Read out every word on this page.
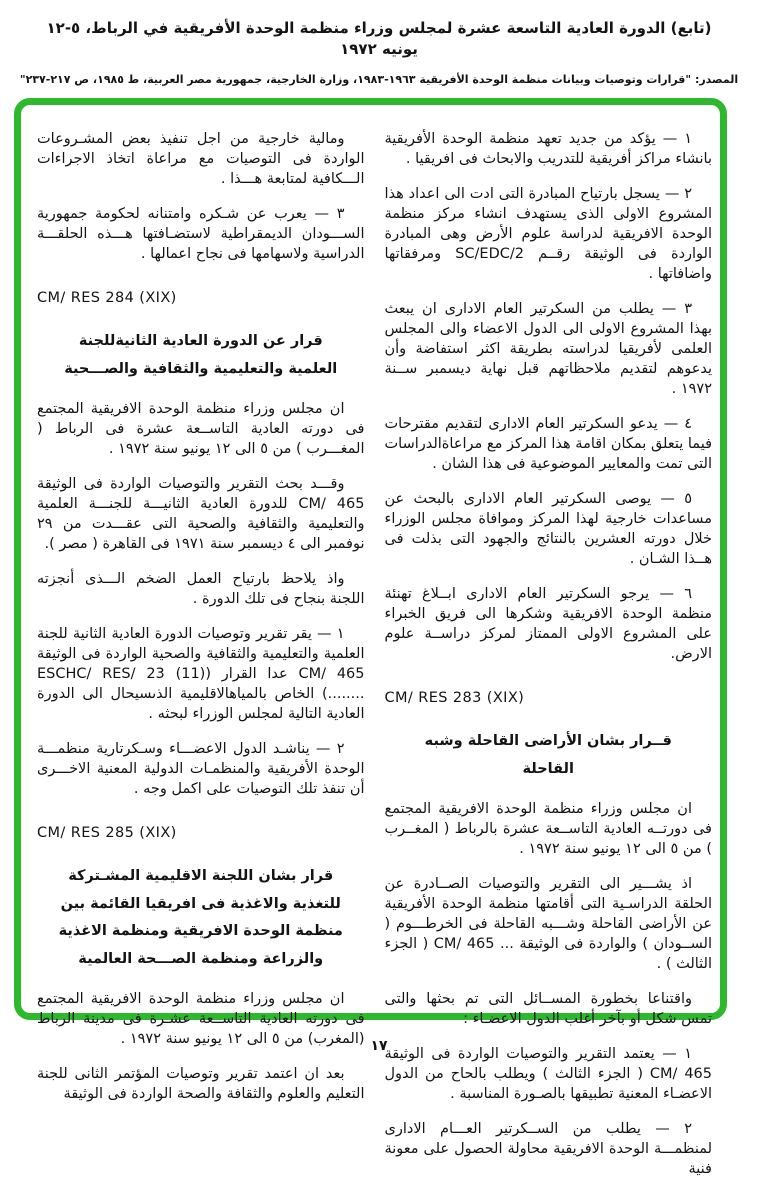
(تابع) الدورة العادية التاسعة عشرة لمجلس وزراء منظمة الوحدة الأفريقية في الرباط، ٥-١٢ يونيه ١٩٧٢
المصدر: "قرارات وتوصيات وبيانات منظمة الوحدة الأفريقية ١٩٦٣-١٩٨٣، وزارة الخارجية، جمهورية مصر العربية، ط ١٩٨٥، ص ٢١٧-٢٣٧"
١ — يؤكد من جديد تعهد منظمة الوحدة الأفريقية بانشاء مراكز أفريقية للتدريب والابحاث فى افريقيا .
٢ — يسجل بارتياح المبادرة التى ادت الى اعداد هذا المشروع الاولى الذى يستهدف انشاء مركز منظمة الوحدة الافريقية لدراسة علوم الأرض وهى المبادرة الواردة فى الوثيقة رقــم SC/EDC/2 ومرفقاتها واضافاتها .
٣ — يطلب من السكرتير العام الادارى ان يبعث بهذا المشروع الاولى الى الدول الاعضاء والى المجلس العلمى لأفريقيا لدراسته بطريقة اكثر استفاضة وأن يدعوهم لتقديم ملاحظاتهم قبل نهاية ديسمبر ســنة ١٩٧٢ .
٤ — يدعو السكرتير العام الادارى لتقديم مقترحات فيما يتعلق بمكان اقامة هذا المركز مع مراعاةالدراسات التى تمت والمعايير الموضوعية فى هذا الشان .
٥ — يوصى السكرتير العام الادارى بالبحث عن مساعدات خارجية لهذا المركز وموافاة مجلس الوزراء خلال دورته العشرين بالنتائج والجهود التى بذلت فى هــذا الشـان .
٦ — يرجو السكرتير العام الادارى ابــلاغ تهنئة منظمة الوحدة الافريقية وشكرها الى فريق الخبراء على المشروع الاولى الممتاز لمركز دراســة علوم الارض.
CM/ RES 283 (XIX)
قــرار بشان الأراضى القاحلة وشبه القاحلة
ان مجلس وزراء منظمة الوحدة الافريقية المجتمع فى دورتــه العادية التاســعة عشرة بالرباط ( المغــرب ) من ٥ الى ١٢ يونيو سنة ١٩٧٢ .
اذ يشـــير الى التقرير والتوصيات الصــادرة عن الحلقة الدراسـية التى أقامتها منظمة الوحدة الأفريقية عن الأراضى القاحلة وشـــبه القاحلة فى الخرطـــوم ( الســودان ) والواردة فى الوثيقة ... CM/ 465 ( الجزء الثالث ) .
واقتناعا بخطورة المســائل التى تم بحثها والتى تمس شكل أو بآخر أغلب الدول الاعضـاء :
١ — يعتمد التقرير والتوصيات الواردة فى الوثيقة CM/ 465 ( الجزء الثالث ) ويطلب بالحاح من الدول الاعضـاء المعنية تطبيقها بالصـورة المناسبة .
٢ — يطلب من الســكرتير العـــام الادارى لمنظمـــة الوحدة الافريقية محاولة الحصول على معونة فنية
ومالية خارجية من اجل تنفيذ بعض المشـروعات الواردة فى التوصيات مع مراعاة اتخاذ الاجراءات الـــكافية لمتابعة هـــذا .
٣ — يعرب عن شـكره وامتنانه لحكومة جمهورية الســـودان الديمقراطية لاستضـافتها هـــذه الحلقـــة الدراسية ولاسهامها فى نجاح اعمالها .
CM/ RES 284 (XIX)
قرار عن الدورة العادية الثانيةللجنة العلمية والتعليمية والثقافية والصـــحية
ان مجلس وزراء منظمة الوحدة الافريقية المجتمع فى دورته العادية التاســعة عشرة فى الرباط ( المغـــرب ) من ٥ الى ١٢ يونيو سنة ١٩٧٢ .
وقـــد بحث التقرير والتوصيات الواردة فى الوثيقة CM/ 465 للدورة العادية الثانيـــة للجنـــة العلمية والتعليمية والثقافية والصحية التى عقـــدت من ٢٩ نوفمبر الى ٤ ديسمبر سنة ١٩٧١ فى القاهرة ( مصر ).
واذ يلاحظ بارتياح العمل الضخم الـــذى أنجزته اللجنة بنجاح فى تلك الدورة .
١ — يقر تقرير وتوصيات الدورة العادية الثانية للجنة العلمية والتعليمية والثقافية والصحية الواردة فى الوثيقة CM/ 465 عدا القرار (ESCHC/ RES/ 23 (11) ........) الخاص بالمياهالاقليمية الذىسيحال الى الدورة العادية التالية لمجلس الوزراء لبحثه .
٢ — يناشـد الدول الاعضـــاء وسـكرتارية منظمـــة الوحدة الأفريقية والمنظمـات الدولية المعنية الاخـــرى أن تنفذ تلك التوصيات على اكمل وجه .
CM/ RES 285 (XIX)
قرار بشان اللجنة الاقليمية المشـتركة للتغذية والاغذية فى افريقيا القائمة بين منظمة الوحدة الافريقية ومنظمة الاغذية والزراعة ومنظمة الصـــحة العالمية
ان مجلس وزراء منظمة الوحدة الافريقية المجتمع فى دورته العادية التاســعة عشـرة فى مدينة الرباط (المغرب) من ٥ الى ١٢ يونيو سنة ١٩٧٢ .
بعد ان اعتمد تقرير وتوصيات المؤتمر الثانى للجنة التعليم والعلوم والثقافة والصحة الواردة فى الوثيقة
١٧
